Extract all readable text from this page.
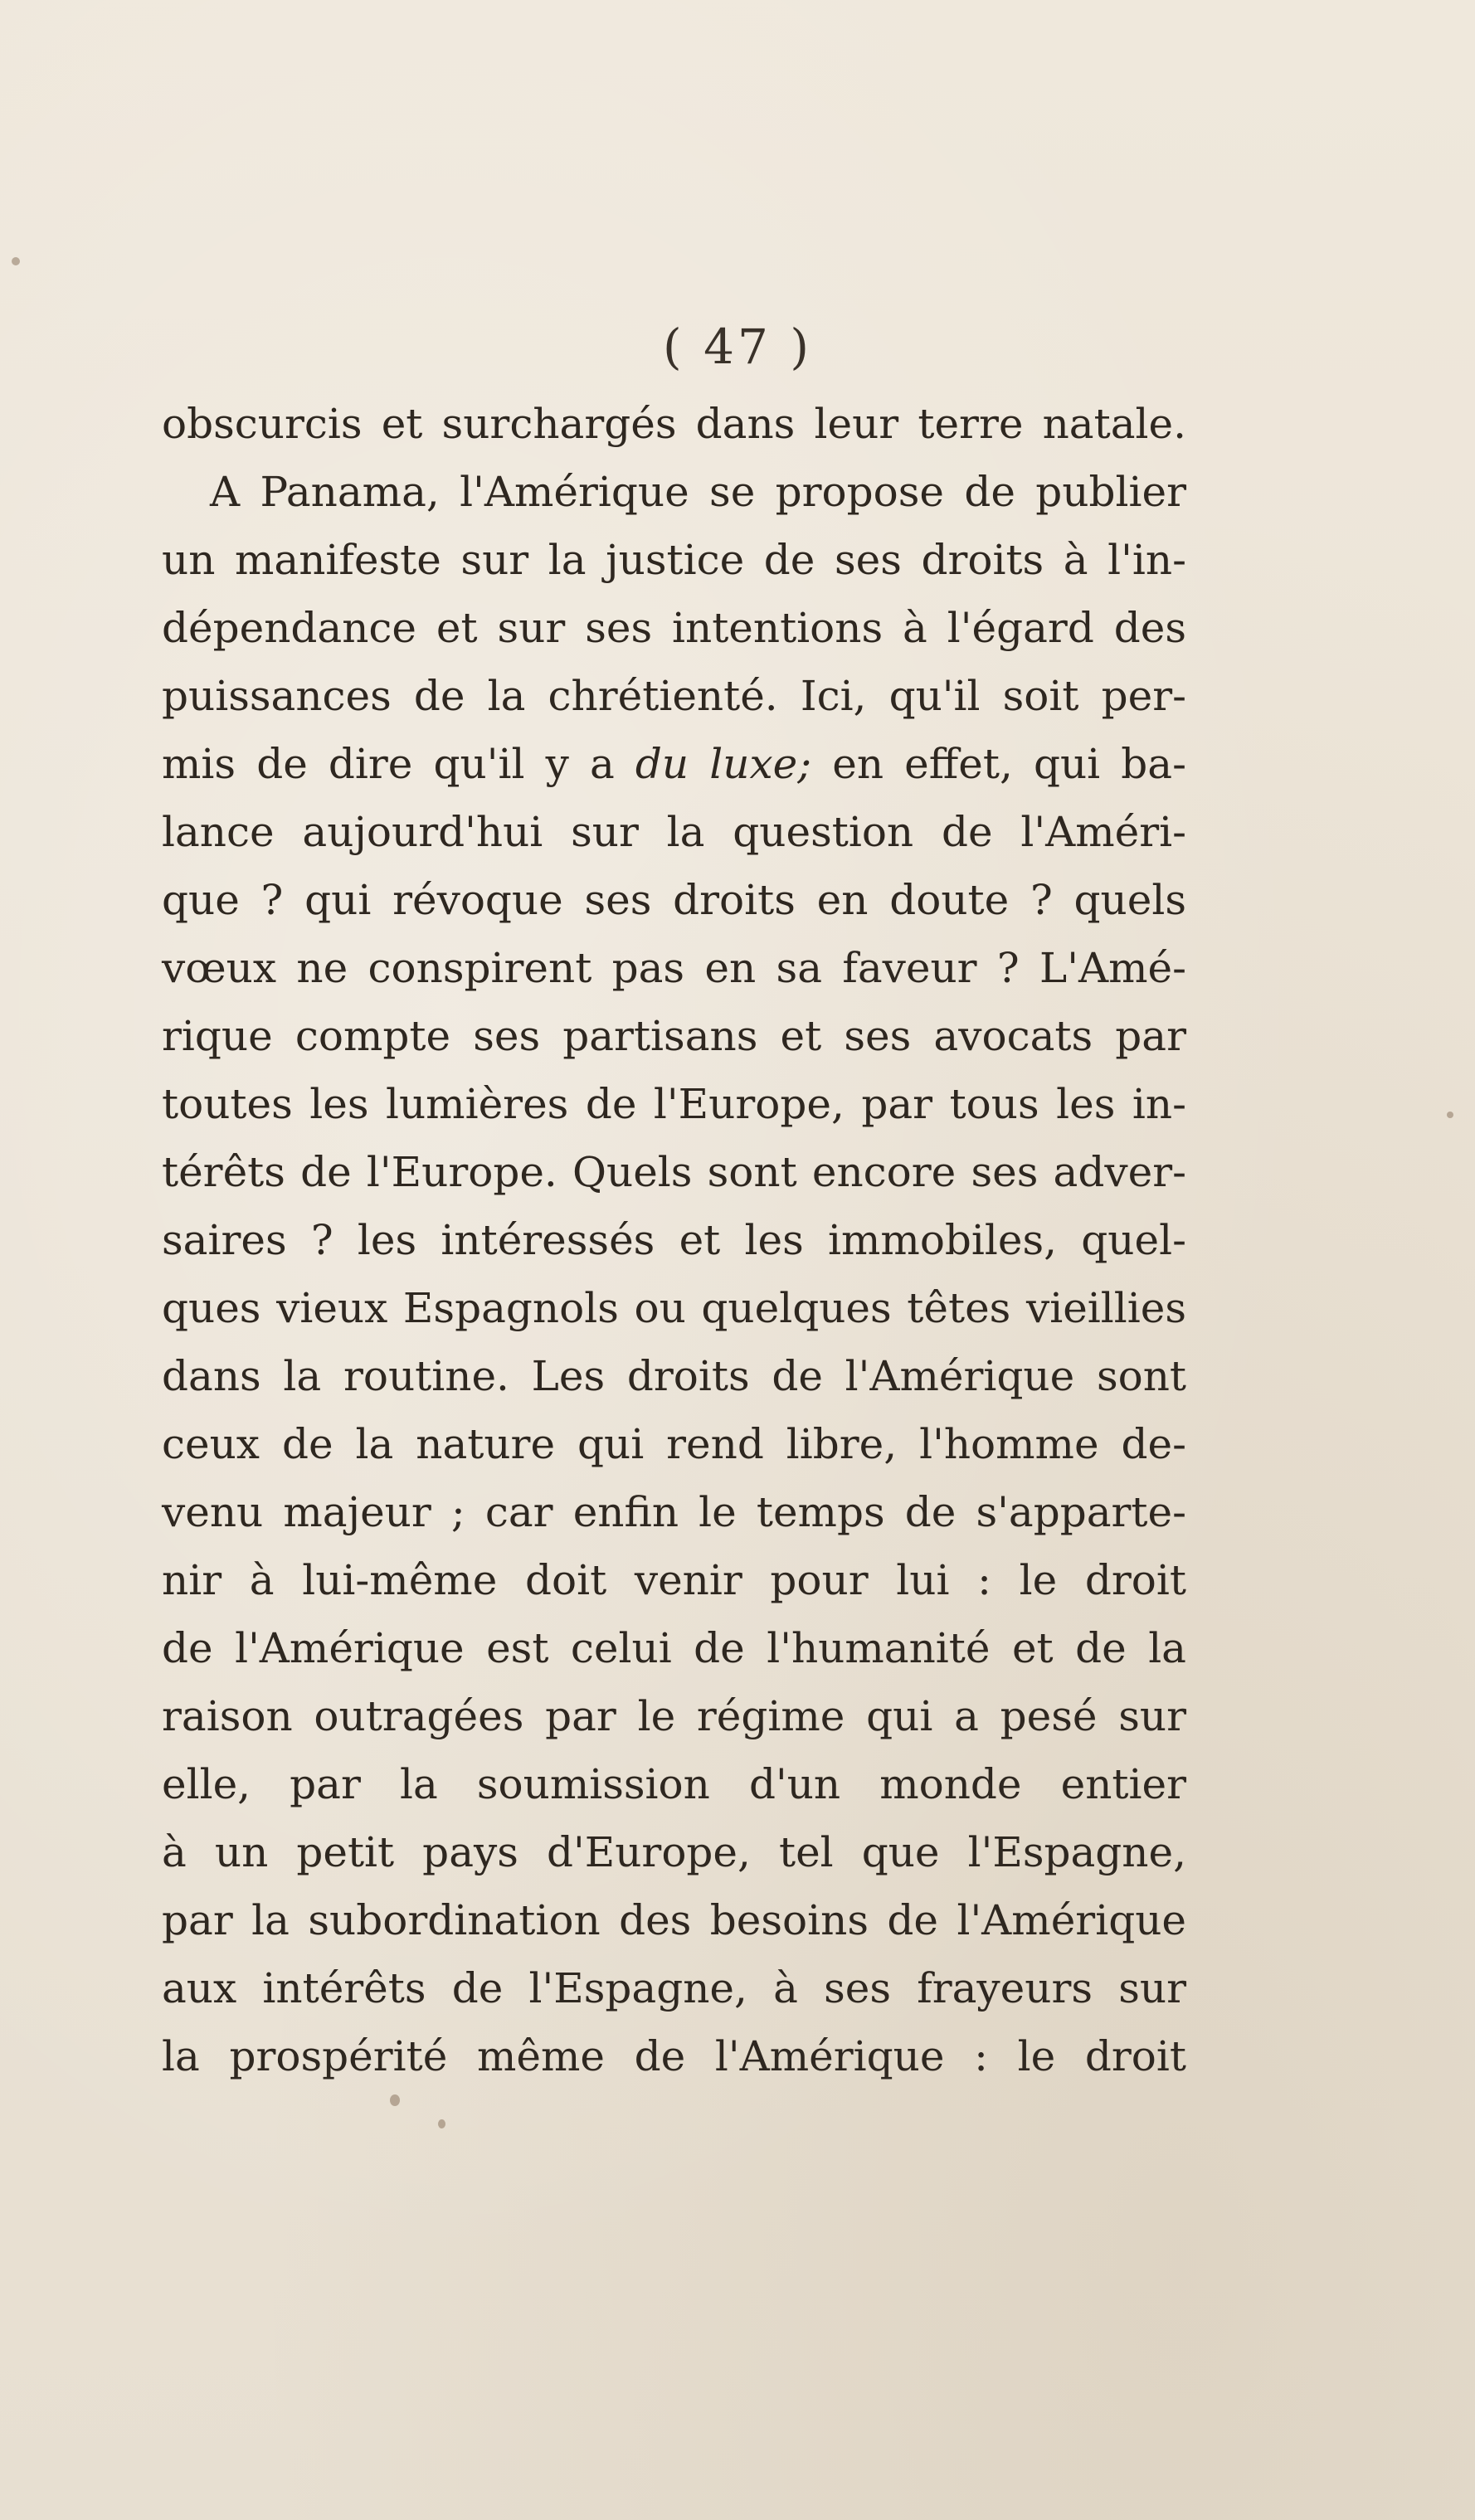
( 47 )
obscurcis et surchargés dans leur terre natale.
A Panama, l'Amérique se propose de publier
un manifeste sur la justice de ses droits à l'in-
dépendance et sur ses intentions à l'égard des
puissances de la chrétienté. Ici, qu'il soit per-
mis de dire qu'il y a du luxe; en effet, qui ba-
lance aujourd'hui sur la question de l'Améri-
que ? qui révoque ses droits en doute ? quels
vœux ne conspirent pas en sa faveur ? L'Amé-
rique compte ses partisans et ses avocats par
toutes les lumières de l'Europe, par tous les in-
térêts de l'Europe. Quels sont encore ses adver-
saires ? les intéressés et les immobiles, quel-
ques vieux Espagnols ou quelques têtes vieillies
dans la routine. Les droits de l'Amérique sont
ceux de la nature qui rend libre, l'homme de-
venu majeur ; car enfin le temps de s'apparte-
nir à lui-même doit venir pour lui : le droit
de l'Amérique est celui de l'humanité et de la
raison outragées par le régime qui a pesé sur
elle, par la soumission d'un monde entier
à un petit pays d'Europe, tel que l'Espagne,
par la subordination des besoins de l'Amérique
aux intérêts de l'Espagne, à ses frayeurs sur
la prospérité même de l'Amérique : le droit
